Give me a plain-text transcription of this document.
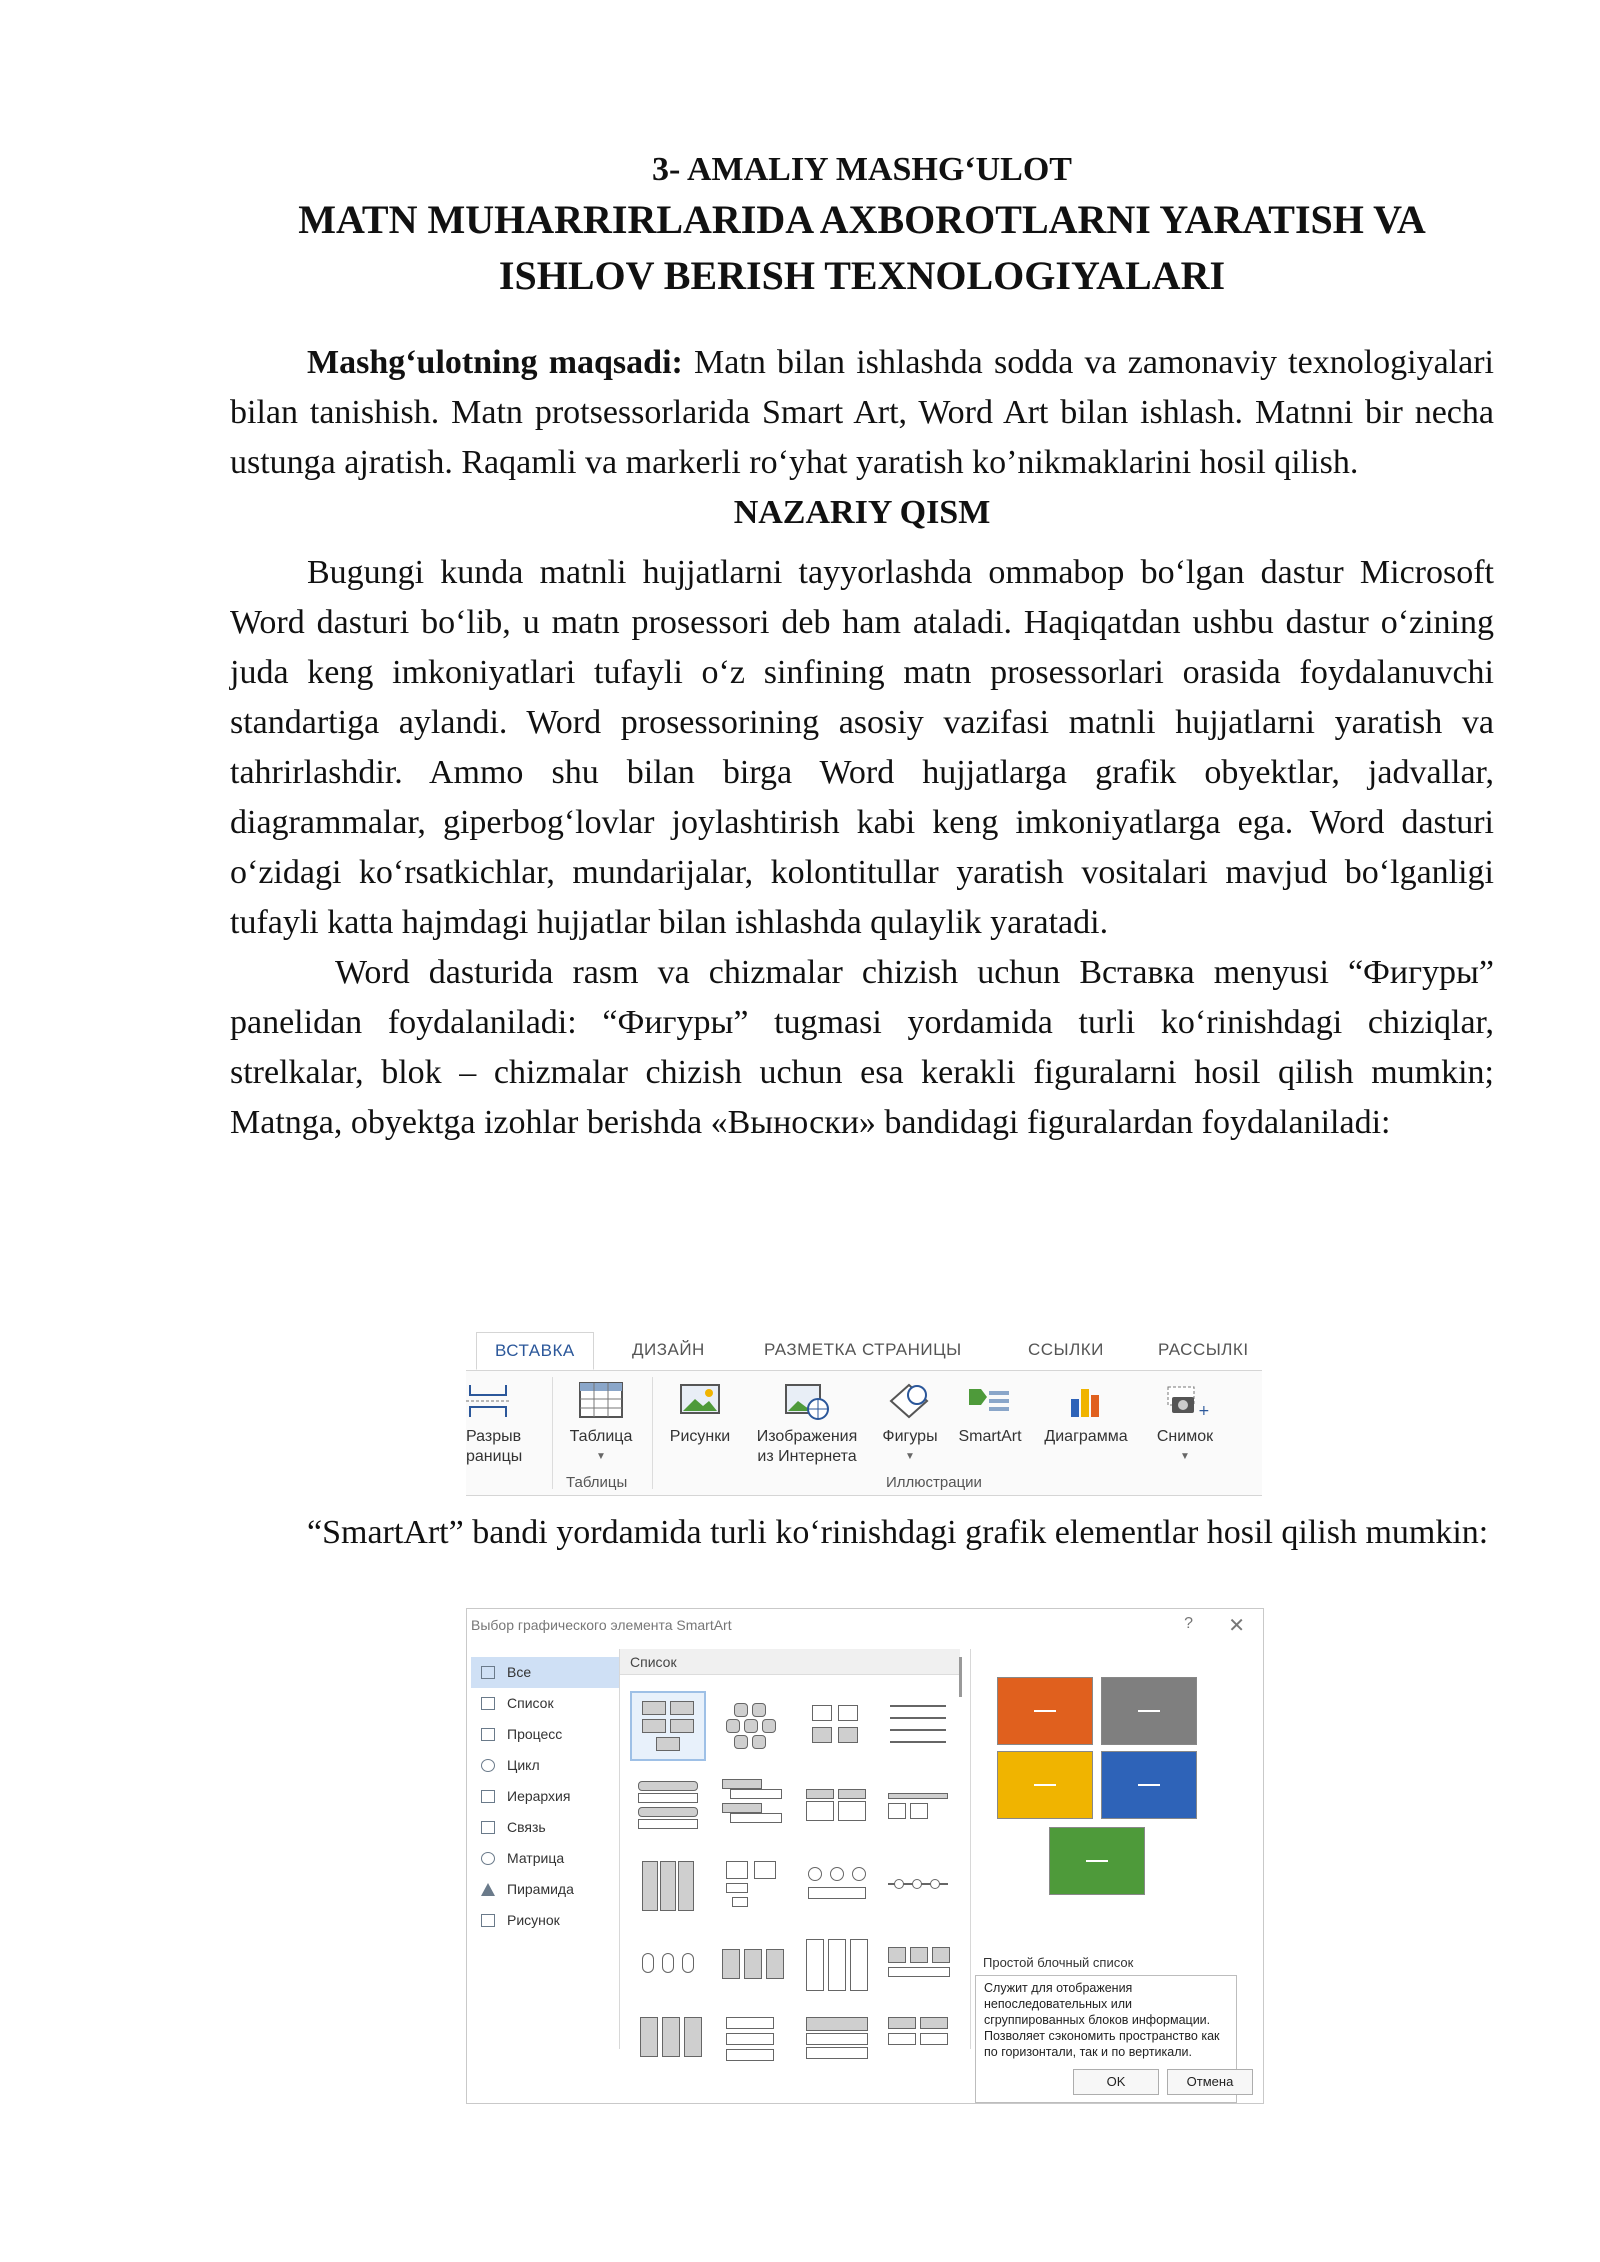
3- AMALIY MASHG‘ULOT

MATN MUHARRIRLARIDA AXBOROTLARNI YARATISH VA

ISHLOV BERISH TEXNOLOGIYALARI

Mashg‘ulotning maqsadi: Matn bilan ishlashda sodda va zamonaviy texnologiyalari bilan tanishish. Matn protsessorlarida Smart Art, Word Art bilan ishlash. Matnni bir necha ustunga ajratish. Raqamli va markerli ro‘yhat yaratish ko’nikmaklarini hosil qilish.

NAZARIY QISM

Bugungi kunda matnli hujjatlarni tayyorlashda ommabop bo‘lgan dastur Microsoft Word dasturi bo‘lib, u matn prosessori deb ham ataladi. Haqiqatdan ushbu dastur o‘zining juda keng imkoniyatlari tufayli o‘z sinfining matn prosessorlari orasida foydalanuvchi standartiga aylandi. Word prosessorining asosiy vazifasi matnli hujjatlarni yaratish va tahrirlashdir. Ammo shu bilan birga Word hujjatlarga grafik obyektlar, jadvallar, diagrammalar, giperbog‘lovlar joylashtirish kabi keng imkoniyatlarga ega. Word dasturi o‘zidagi ko‘rsatkichlar, mundarijalar, kolontitullar yaratish vositalari mavjud bo‘lganligi tufayli katta hajmdagi hujjatlar bilan ishlashda qulaylik yaratadi.

Word dasturida rasm va chizmalar chizish uchun Вставка menyusi “Фигуры” panelidan foydalaniladi: “Фигуры” tugmasi yordamida turli ko‘rinishdagi chiziqlar, strelkalar, blok – chizmalar chizish uchun esa kerakli figuralarni hosil qilish mumkin; Matnga, obyektga izohlar berishda «Выноски» bandidagi figuralardan foydalaniladi:

ВСТАВКА	ДИЗАЙН	РАЗМЕТКА СТРАНИЦЫ	ССЫЛКИ	РАССЫЛКІ
Разрыв
раницы
Таблица
▼
Таблицы
Рисунки	Изображения
из Интернета
Фигуры
▼
SmartArt	Диаграмма
+
Снимок
▼
Иллюстрации

“SmartArt” bandi yordamida turli ko‘rinishdagi grafik elementlar hosil qilish mumkin:

Выбор графического элемента SmartArt	? ✕
Все
Список
Процесс
Цикл
Иерархия
Связь
Матрица
Пирамида
Рисунок
Список
Простой блочный список
Служит для отображения непоследовательных или сгруппированных блоков информации. Позволяет сэкономить пространство как по горизонтали, так и по вертикали.
OK	Отмена
